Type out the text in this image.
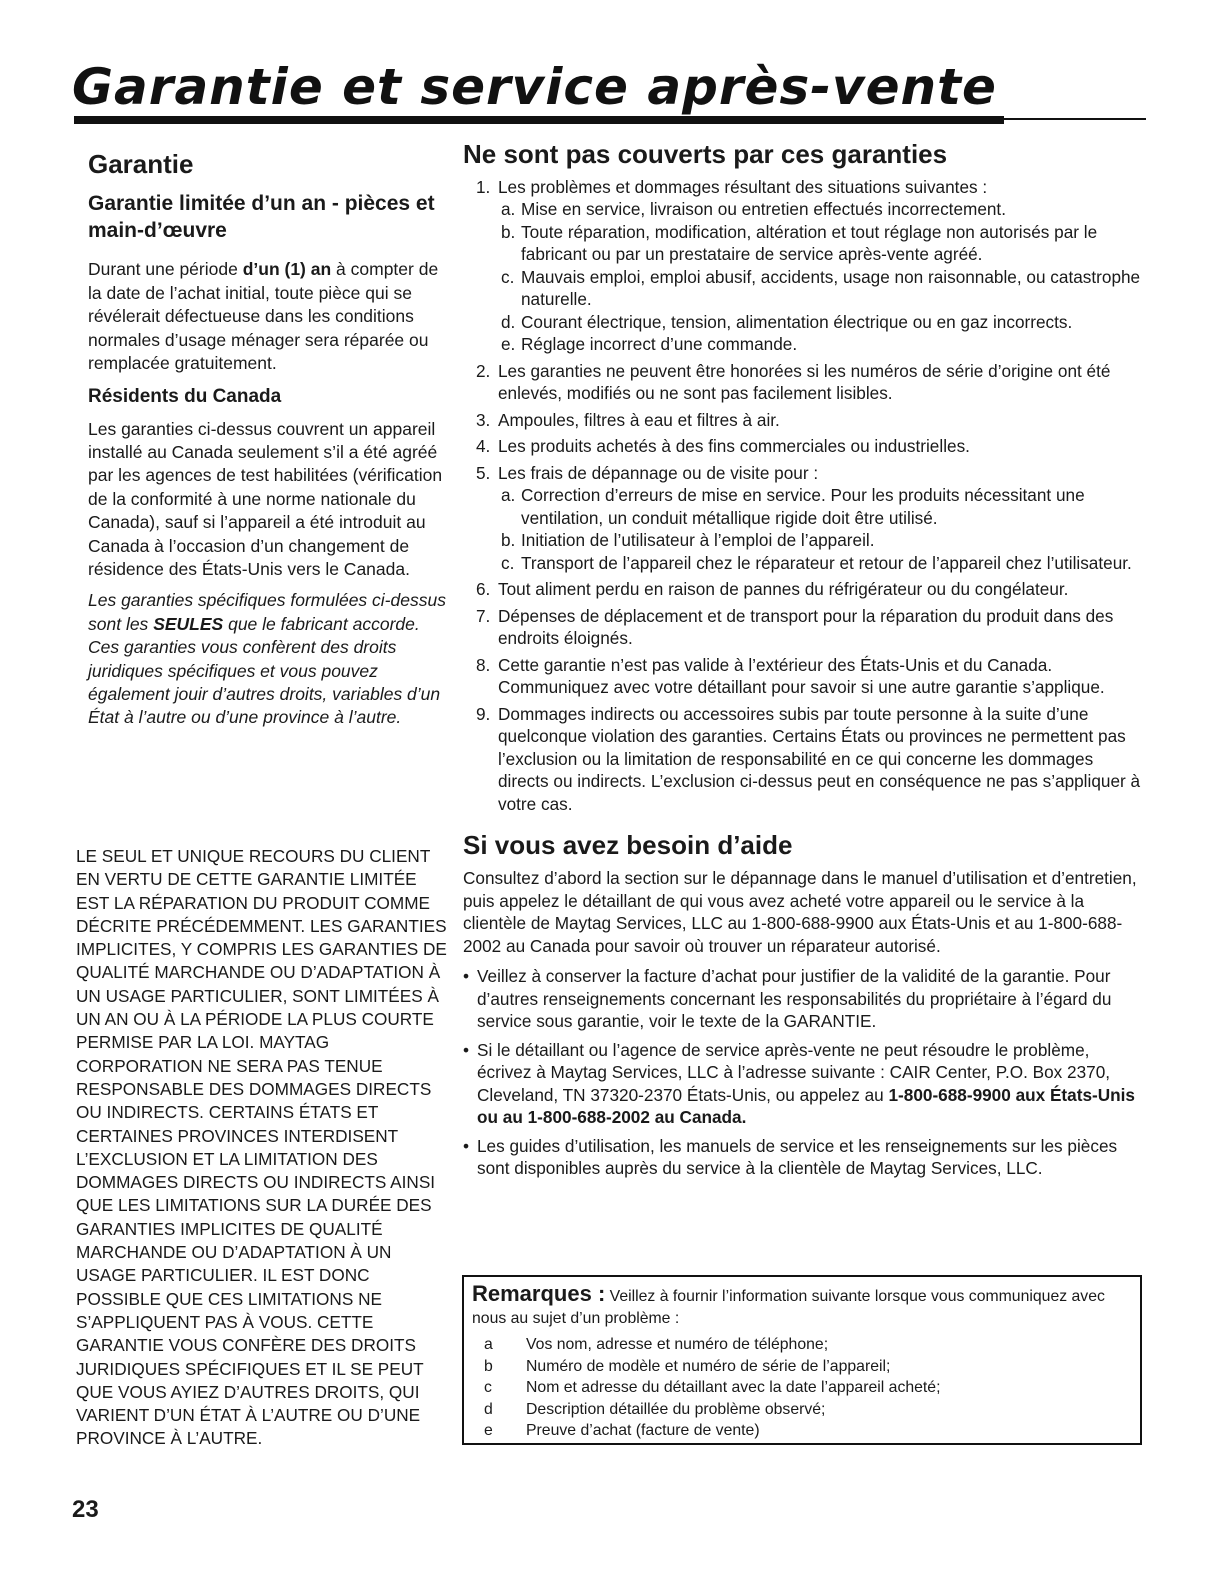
Garantie et service après-vente
Garantie
Garantie limitée d’un an - pièces et main-d’œuvre

Durant une période d’un (1) an à compter de la date de l’achat initial, toute pièce qui se révélerait défectueuse dans les conditions normales d’usage ménager sera réparée ou remplacée gratuitement.

Résidents du Canada

Les garanties ci-dessus couvrent un appareil installé au Canada seulement s’il a été agréé par les agences de test habilitées (vérification de la conformité à une norme nationale du Canada), sauf si l’appareil a été introduit au Canada à l’occasion d’un changement de résidence des États-Unis vers le Canada.

Les garanties spécifiques formulées ci-dessus sont les SEULES que le fabricant accorde. Ces garanties vous confèrent des droits juridiques spécifiques et vous pouvez également jouir d’autres droits, variables d’un État à l’autre ou d’une province à l’autre.

LE SEUL ET UNIQUE RECOURS DU CLIENT EN VERTU DE CETTE GARANTIE LIMITÉE EST LA RÉPARATION DU PRODUIT COMME DÉCRITE PRÉCÉDEMMENT. LES GARANTIES IMPLICITES, Y COMPRIS LES GARANTIES DE QUALITÉ MARCHANDE OU D’ADAPTATION À UN USAGE PARTICULIER, SONT LIMITÉES À UN AN OU À LA PÉRIODE LA PLUS COURTE PERMISE PAR LA LOI. MAYTAG CORPORATION NE SERA PAS TENUE RESPONSABLE DES DOMMAGES DIRECTS OU INDIRECTS. CERTAINS ÉTATS ET CERTAINES PROVINCES INTERDISENT L’EXCLUSION ET LA LIMITATION DES DOMMAGES DIRECTS OU INDIRECTS AINSI QUE LES LIMITATIONS SUR LA DURÉE DES GARANTIES IMPLICITES DE QUALITÉ MARCHANDE OU D’ADAPTATION À UN USAGE PARTICULIER. IL EST DONC POSSIBLE QUE CES LIMITATIONS NE S’APPLIQUENT PAS À VOUS. CETTE GARANTIE VOUS CONFÈRE DES DROITS JURIDIQUES SPÉCIFIQUES ET IL SE PEUT QUE VOUS AYIEZ D’AUTRES DROITS, QUI VARIENT D’UN ÉTAT À L’AUTRE OU D’UNE PROVINCE À L’AUTRE.

Ne sont pas couverts par ces garanties
1. Les problèmes et dommages résultant des situations suivantes :
a. Mise en service, livraison ou entretien effectués incorrectement.
b. Toute réparation, modification, altération et tout réglage non autorisés par le fabricant ou par un prestataire de service après-vente agréé.
c. Mauvais emploi, emploi abusif, accidents, usage non raisonnable, ou catastrophe naturelle.
d. Courant électrique, tension, alimentation électrique ou en gaz incorrects.
e. Réglage incorrect d’une commande.
2. Les garanties ne peuvent être honorées si les numéros de série d’origine ont été enlevés, modifiés ou ne sont pas facilement lisibles.
3. Ampoules, filtres à eau et filtres à air.
4. Les produits achetés à des fins commerciales ou industrielles.
5. Les frais de dépannage ou de visite pour :
a. Correction d’erreurs de mise en service. Pour les produits nécessitant une ventilation, un conduit métallique rigide doit être utilisé.
b. Initiation de l’utilisateur à l’emploi de l’appareil.
c. Transport de l’appareil chez le réparateur et retour de l’appareil chez l’utilisateur.
6. Tout aliment perdu en raison de pannes du réfrigérateur ou du congélateur.
7. Dépenses de déplacement et de transport pour la réparation du produit dans des endroits éloignés.
8. Cette garantie n’est pas valide à l’extérieur des États-Unis et du Canada. Communiquez avec votre détaillant pour savoir si une autre garantie s’applique.
9. Dommages indirects ou accessoires subis par toute personne à la suite d’une quelconque violation des garanties. Certains États ou provinces ne permettent pas l’exclusion ou la limitation de responsabilité en ce qui concerne les dommages directs ou indirects. L’exclusion ci-dessus peut en conséquence ne pas s’appliquer à votre cas.
Si vous avez besoin d’aide

Consultez d’abord la section sur le dépannage dans le manuel d’utilisation et d’entretien, puis appelez le détaillant de qui vous avez acheté votre appareil ou le service à la clientèle de Maytag Services, LLC au 1-800-688-9900 aux États-Unis et au 1-800-688-2002 au Canada pour savoir où trouver un réparateur autorisé.

• Veillez à conserver la facture d’achat pour justifier de la validité de la garantie. Pour d’autres renseignements concernant les responsabilités du propriétaire à l’égard du service sous garantie, voir le texte de la GARANTIE.
• Si le détaillant ou l’agence de service après-vente ne peut résoudre le problème, écrivez à Maytag Services, LLC à l’adresse suivante : CAIR Center, P.O. Box 2370, Cleveland, TN 37320-2370 États-Unis, ou appelez au 1-800-688-9900 aux États-Unis ou au 1-800-688-2002 au Canada.
• Les guides d’utilisation, les manuels de service et les renseignements sur les pièces sont disponibles auprès du service à la clientèle de Maytag Services, LLC.

Remarques : Veillez à fournir l’information suivante lorsque vous communiquez avec nous au sujet d’un problème :

a Vos nom, adresse et numéro de téléphone;
b Numéro de modèle et numéro de série de l’appareil;
c Nom et adresse du détaillant avec la date l’appareil acheté;
d Description détaillée du problème observé;
e Preuve d’achat (facture de vente)
23
